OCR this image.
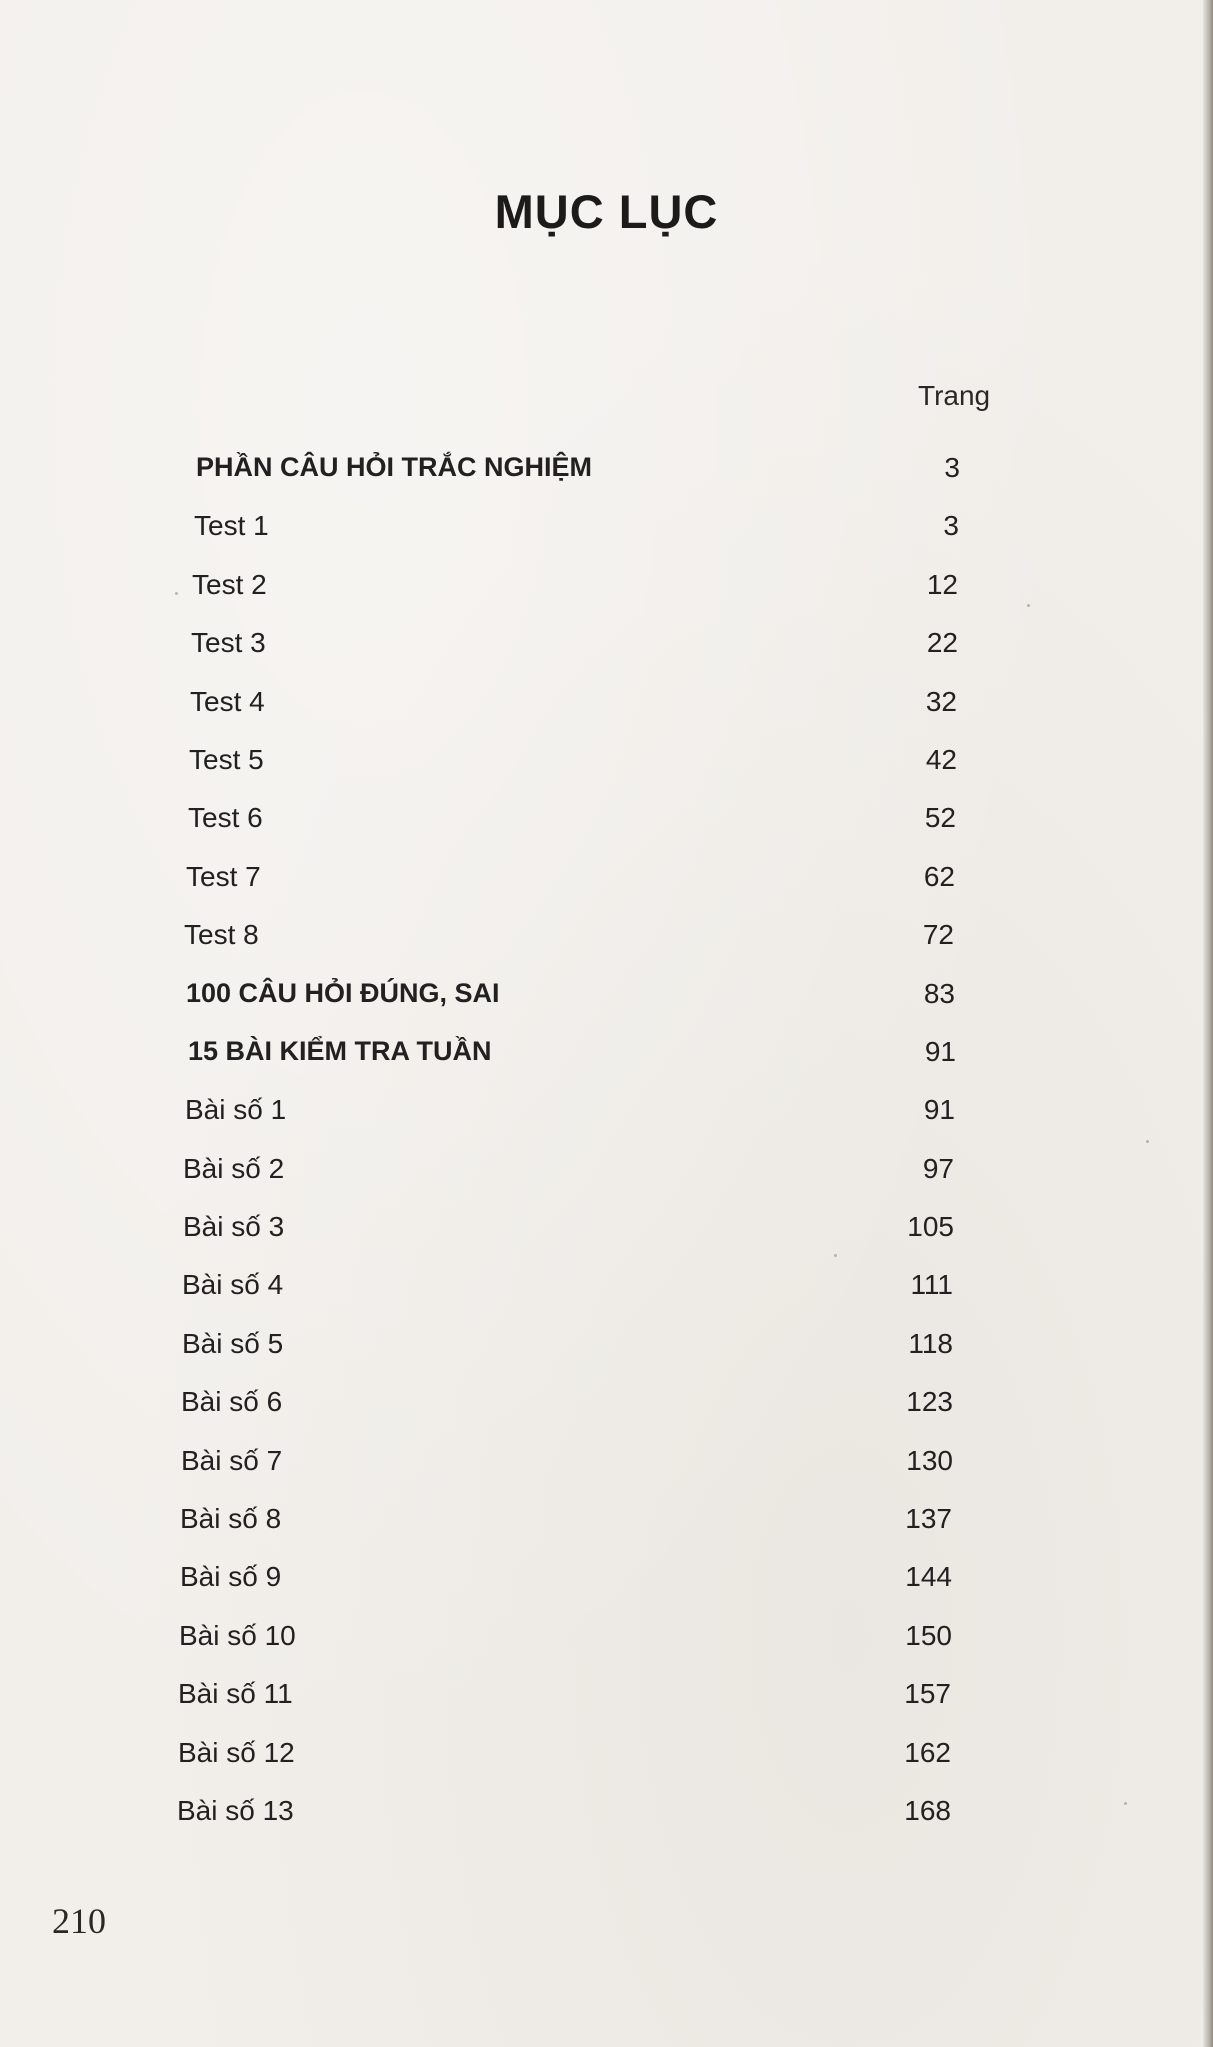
MỤC LỤC
Trang
PHẦN CÂU HỎI TRẮC NGHIỆM	3
Test 1	3
Test 2	12
Test 3	22
Test 4	32
Test 5	42
Test 6	52
Test 7	62
Test 8	72
100 CÂU HỎI ĐÚNG, SAI	83
15 BÀI KIỂM TRA TUẦN	91
Bài số 1	91
Bài số 2	97
Bài số 3	105
Bài số 4	111
Bài số 5	118
Bài số 6	123
Bài số 7	130
Bài số 8	137
Bài số 9	144
Bài số 10	150
Bài số 11	157
Bài số 12	162
Bài số 13	168
210
